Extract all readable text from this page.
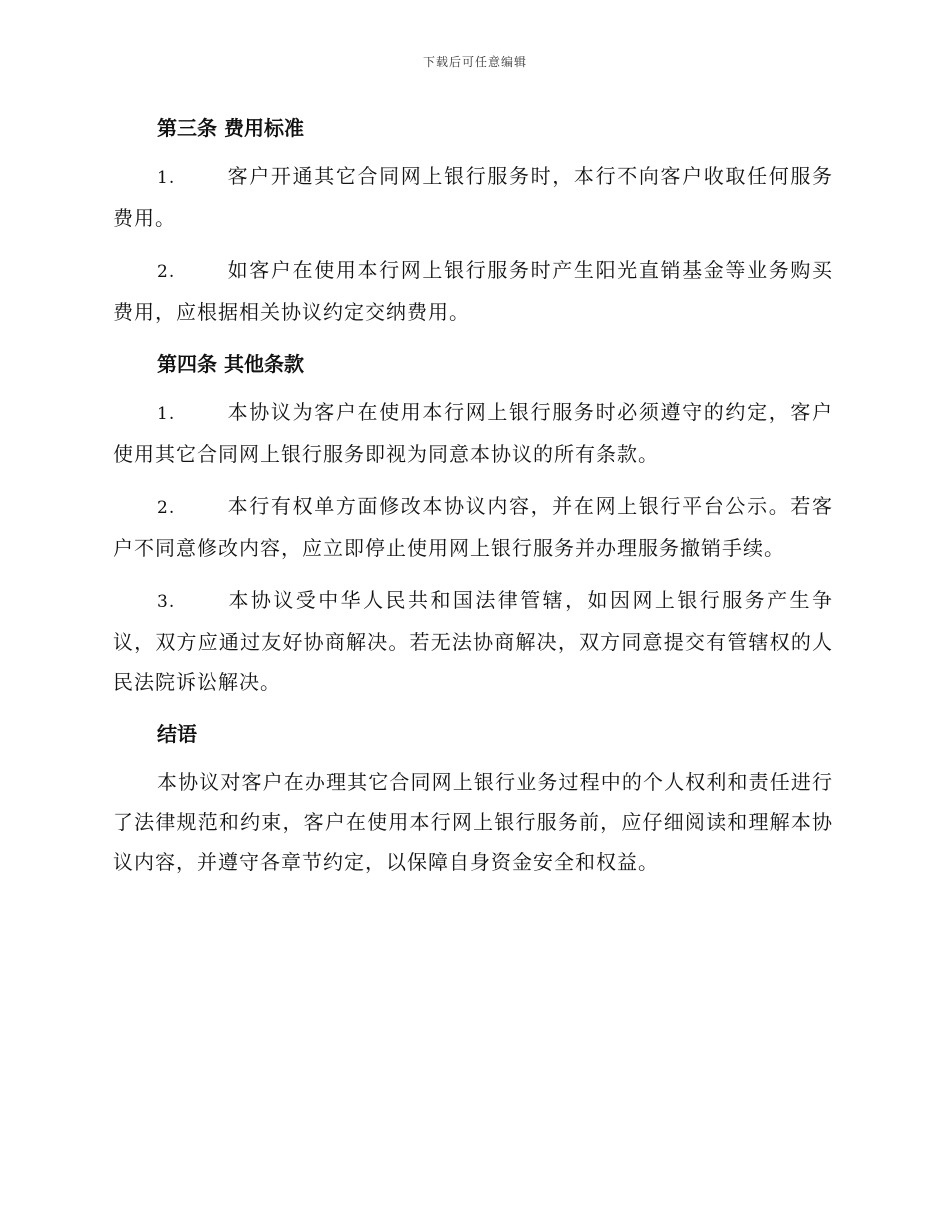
下载后可任意编辑
第三条 费用标准

1.	客户开通其它合同网上银行服务时，本行不向客户收取任何服务费用。

2.	如客户在使用本行网上银行服务时产生阳光直销基金等业务购买费用，应根据相关协议约定交纳费用。

第四条 其他条款

1.	本协议为客户在使用本行网上银行服务时必须遵守的约定，客户使用其它合同网上银行服务即视为同意本协议的所有条款。

2.	本行有权单方面修改本协议内容，并在网上银行平台公示。若客户不同意修改内容，应立即停止使用网上银行服务并办理服务撤销手续。

3.	本协议受中华人民共和国法律管辖，如因网上银行服务产生争议，双方应通过友好协商解决。若无法协商解决，双方同意提交有管辖权的人民法院诉讼解决。

结语

本协议对客户在办理其它合同网上银行业务过程中的个人权利和责任进行了法律规范和约束，客户在使用本行网上银行服务前，应仔细阅读和理解本协议内容，并遵守各章节约定，以保障自身资金安全和权益。
